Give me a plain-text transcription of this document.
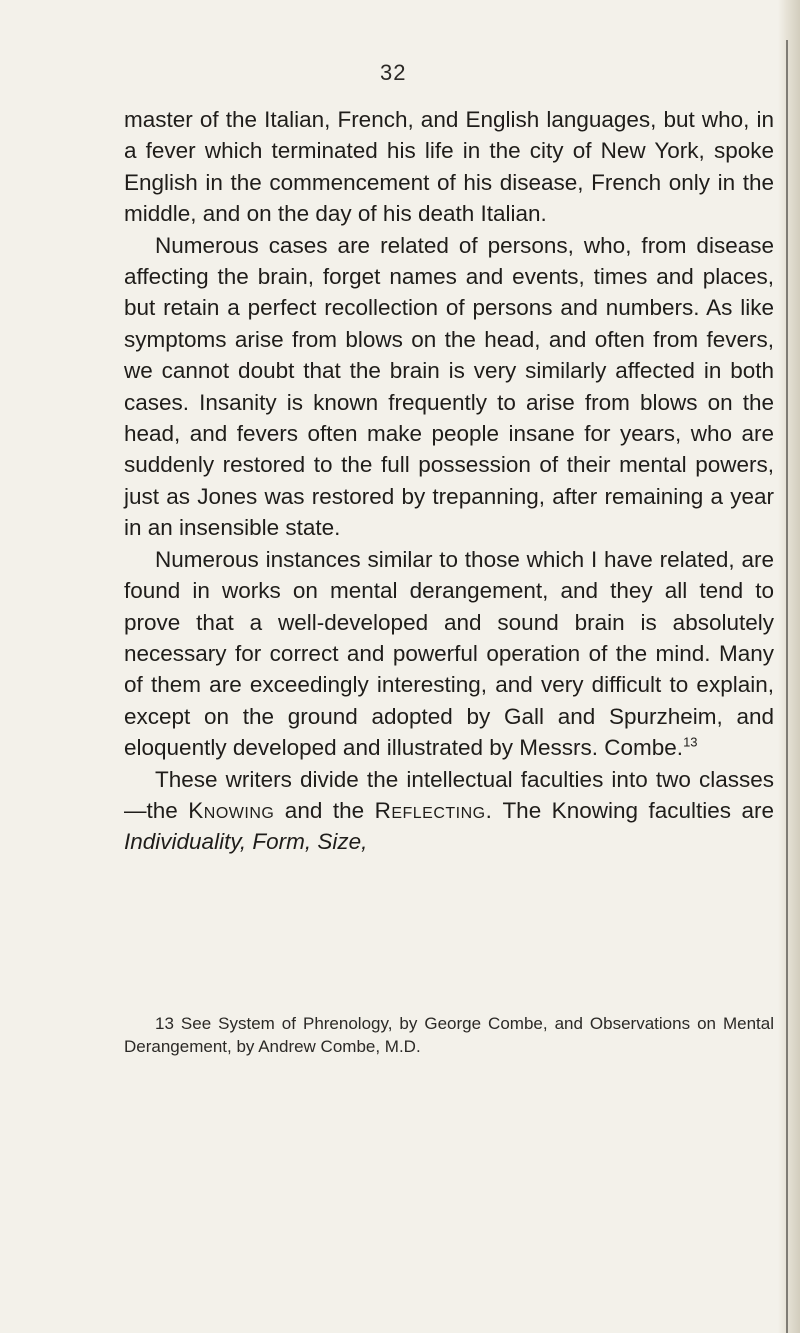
32

master of the Italian, French, and English languages, but who, in a fever which terminated his life in the city of New York, spoke English in the commencement of his disease, French only in the middle, and on the day of his death Italian.

Numerous cases are related of persons, who, from disease affecting the brain, forget names and events, times and places, but retain a perfect recollection of persons and numbers. As like symptoms arise from blows on the head, and often from fevers, we cannot doubt that the brain is very similarly affected in both cases. Insanity is known frequently to arise from blows on the head, and fevers often make people insane for years, who are suddenly restored to the full possession of their mental powers, just as Jones was restored by trepanning, after remaining a year in an insensible state.

Numerous instances similar to those which I have related, are found in works on mental derangement, and they all tend to prove that a well-developed and sound brain is absolutely necessary for correct and powerful operation of the mind. Many of them are exceedingly interesting, and very difficult to explain, except on the ground adopted by Gall and Spurzheim, and eloquently developed and illustrated by Messrs. Combe.$^{13}$

These writers divide the intellectual faculties into two classes—the Knowing and the Reflecting. The Knowing faculties are Individuality, Form, Size,

13 See System of Phrenology, by George Combe, and Observations on Mental Derangement, by Andrew Combe, M.D.
